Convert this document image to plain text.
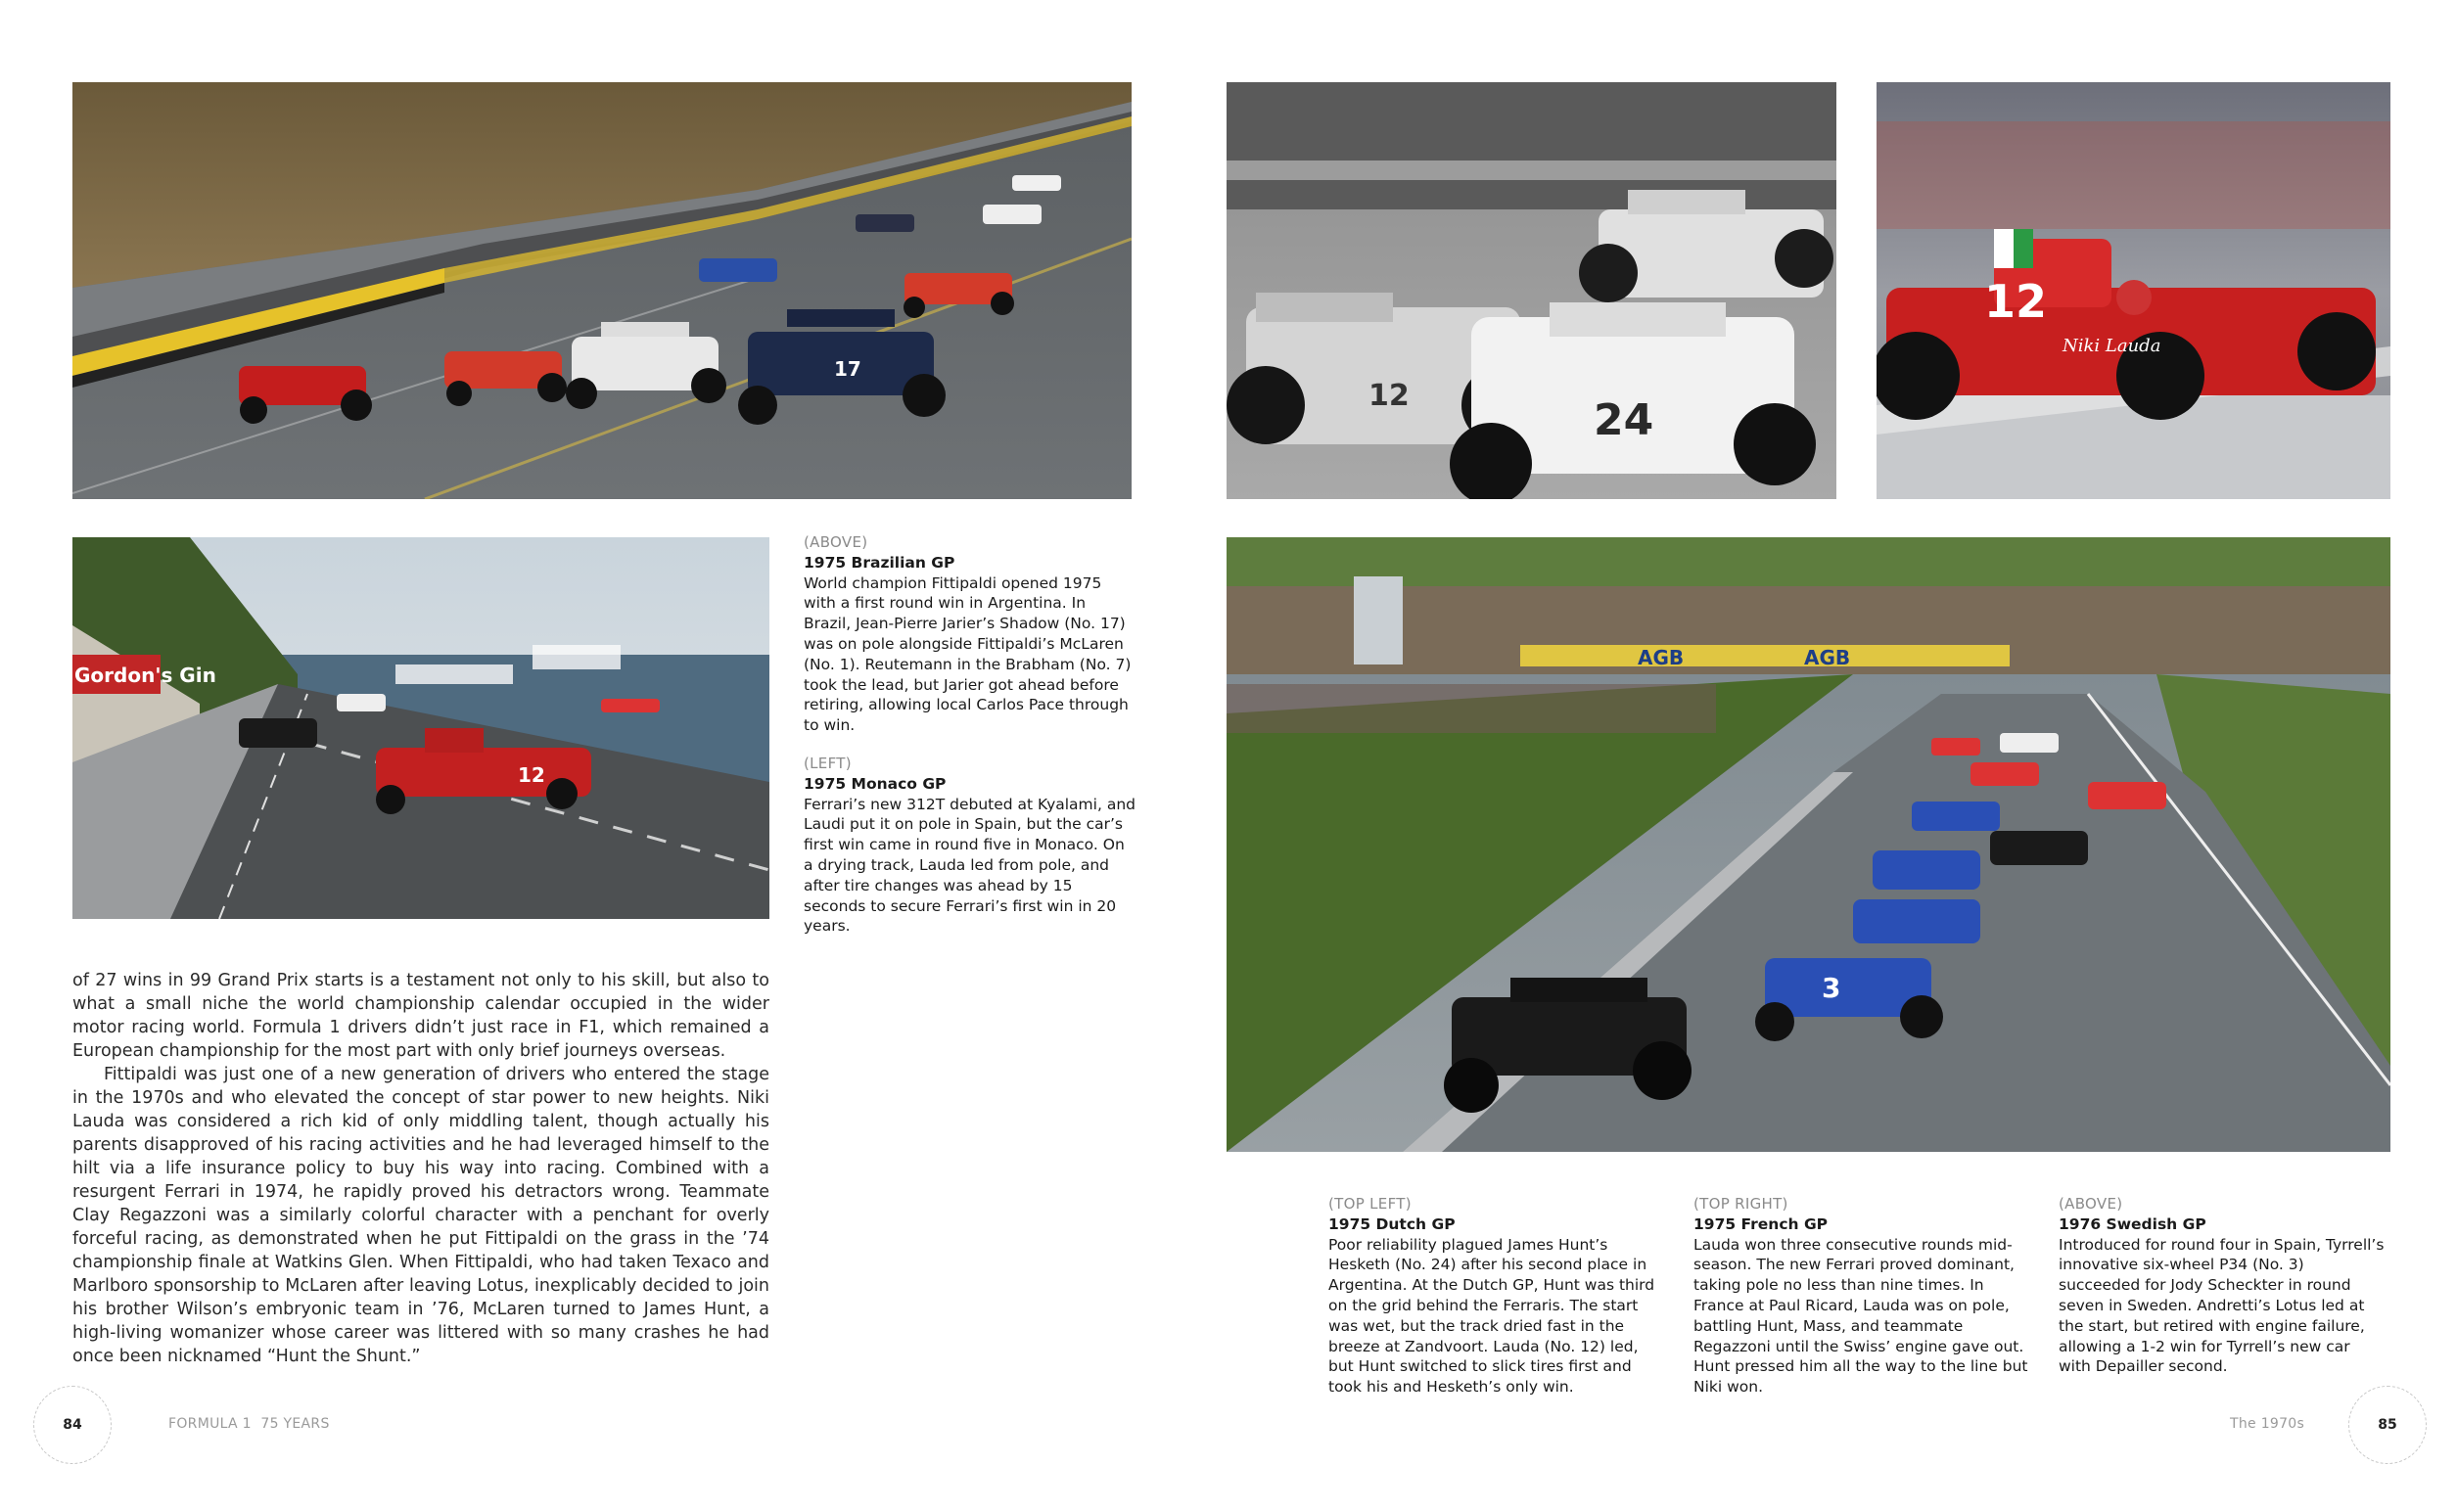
17
12	24
12
Niki Lauda
Gordon's Gin
12
AGB	AGB
3
(ABOVE)
1975 Brazilian GP
World champion Fittipaldi opened 1975 with a first round win in Argentina. In Brazil, Jean-Pierre Jarier’s Shadow (No. 17) was on pole alongside Fittipaldi’s McLaren (No. 1). Reutemann in the Brabham (No. 7) took the lead, but Jarier got ahead before retiring, allowing local Carlos Pace through to win.
(LEFT)
1975 Monaco GP
Ferrari’s new 312T debuted at Kyalami, and Laudi put it on pole in Spain, but the car’s first win came in round five in Monaco. On a drying track, Lauda led from pole, and after tire changes was ahead by 15 seconds to secure Ferrari’s first win in 20 years.

of 27 wins in 99 Grand Prix starts is a testament not only to his skill, but also to what a small niche the world championship calendar occupied in the wider motor racing world. Formula 1 drivers didn’t just race in F1, which remained a European championship for the most part with only brief journeys overseas.

Fittipaldi was just one of a new generation of drivers who entered the stage in the 1970s and who elevated the concept of star power to new heights. Niki Lauda was considered a rich kid of only middling talent, though actually his parents disapproved of his racing activities and he had leveraged himself to the hilt via a life insurance policy to buy his way into racing. Combined with a resurgent Ferrari in 1974, he rapidly proved his detractors wrong. Teammate Clay Regazzoni was a similarly colorful character with a penchant for overly forceful racing, as demonstrated when he put Fittipaldi on the grass in the ’74 championship finale at Watkins Glen. When Fittipaldi, who had taken Texaco and Marlboro sponsorship to McLaren after leaving Lotus, inexplicably decided to join his brother Wilson’s embryonic team in ’76, McLaren turned to James Hunt, a high-living womanizer whose career was littered with so many crashes he had once been nicknamed “Hunt the Shunt.”

(TOP LEFT)
1975 Dutch GP
Poor reliability plagued James Hunt’s Hesketh (No. 24) after his second place in Argentina. At the Dutch GP, Hunt was third on the grid behind the Ferraris. The start was wet, but the track dried fast in the breeze at Zandvoort. Lauda (No. 12) led, but Hunt switched to slick tires first and took his and Hesketh’s only win.
(TOP RIGHT)
1975 French GP
Lauda won three consecutive rounds mid-season. The new Ferrari proved dominant, taking pole no less than nine times. In France at Paul Ricard, Lauda was on pole, battling Hunt, Mass, and teammate Regazzoni until the Swiss’ engine gave out. Hunt pressed him all the way to the line but Niki won.
(ABOVE)
1976 Swedish GP
Introduced for round four in Spain, Tyrrell’s innovative six-wheel P34 (No. 3) succeeded for Jody Scheckter in round seven in Sweden. Andretti’s Lotus led at the start, but retired with engine failure, allowing a 1-2 win for Tyrrell’s new car with Depailler second.
84	FORMULA 1  75 YEARS	The 1970s	85
